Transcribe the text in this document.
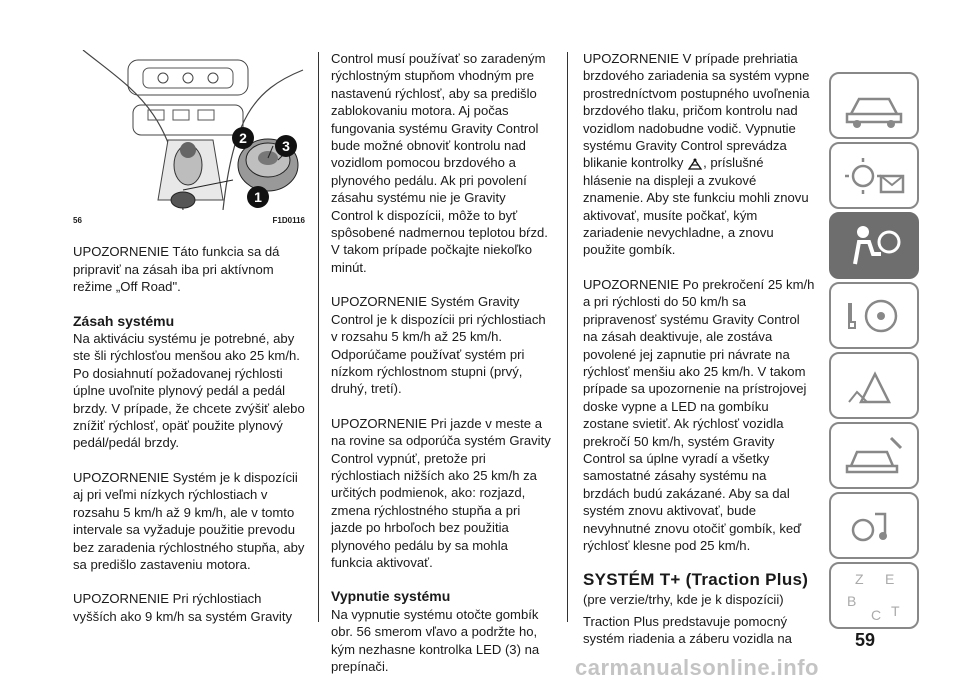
2	3
1
56	F1D0116

UPOZORNENIE Táto funkcia sa dá pripraviť na zásah iba pri aktívnom režime „Off Road".

Zásah systému

Na aktiváciu systému je potrebné, aby ste šli rýchlosťou menšou ako 25 km/h. Po dosiahnutí požadovanej rýchlosti úplne uvoľnite plynový pedál a pedál brzdy. V prípade, že chcete zvýšiť alebo znížiť rýchlosť, opäť použite plynový pedál/pedál brzdy.

UPOZORNENIE Systém je k dispozícii aj pri veľmi nízkych rýchlostiach v rozsahu 5 km/h až 9 km/h, ale v tomto intervale sa vyžaduje použitie prevodu bez zaradenia rýchlostného stupňa, aby sa predišlo zastaveniu motora.

UPOZORNENIE Pri rýchlostiach vyšších ako 9 km/h sa systém Gravity

Control musí používať so zaradeným rýchlostným stupňom vhodným pre nastavenú rýchlosť, aby sa predišlo zablokovaniu motora. Aj počas fungovania systému Gravity Control bude možné obnoviť kontrolu nad vozidlom pomocou brzdového a plynového pedálu. Ak pri povolení zásahu systému nie je Gravity Control k dispozícii, môže to byť spôsobené nadmernou teplotou bŕzd. V takom prípade počkajte niekoľko minút.

UPOZORNENIE Systém Gravity Control je k dispozícii pri rýchlostiach v rozsahu 5 km/h až 25 km/h. Odporúčame používať systém pri nízkom rýchlostnom stupni (prvý, druhý, tretí).

UPOZORNENIE Pri jazde v meste a na rovine sa odporúča systém Gravity Control vypnúť, pretože pri rýchlostiach nižších ako 25 km/h za určitých podmienok, ako: rozjazd, zmena rýchlostného stupňa a pri jazde po hrboľoch bez použitia plynového pedálu by sa mohla funkcia aktivovať.

Vypnutie systému

Na vypnutie systému otočte gombík obr. 56 smerom vľavo a podržte ho, kým nezhasne kontrolka LED (3) na prepínači.

UPOZORNENIE V prípade prehriatia brzdového zariadenia sa systém vypne prostredníctvom postupného uvoľnenia brzdového tlaku, pričom kontrolu nad vozidlom nadobudne vodič. Vypnutie systému Gravity Control sprevádza blikanie kontrolky , príslušné hlásenie na displeji a zvukové znamenie. Aby ste funkciu mohli znovu aktivovať, musíte počkať, kým zariadenie nevychladne, a znovu použite gombík.

UPOZORNENIE Po prekročení 25 km/h a pri rýchlosti do 50 km/h sa pripravenosť systému Gravity Control na zásah deaktivuje, ale zostáva povolené jej zapnutie pri návrate na rýchlosť menšiu ako 25 km/h. V takom prípade sa upozornenie na prístrojovej doske vypne a LED na gombíku zostane svietiť. Ak rýchlosť vozidla prekročí 50 km/h, systém Gravity Control sa úplne vyradí a všetky samostatné zásahy systému na brzdách budú zakázané. Aby sa dal systém znovu aktivovať, bude nevyhnutné znovu otočiť gombík, keď rýchlosť klesne pod 25 km/h.

SYSTÉM T+ (Traction Plus)

(pre verzie/trhy, kde je k dispozícii)

Traction Plus predstavuje pomocný systém riadenia a záberu vozidla na

Z E
B
C T
59
carmanualsonline.info
